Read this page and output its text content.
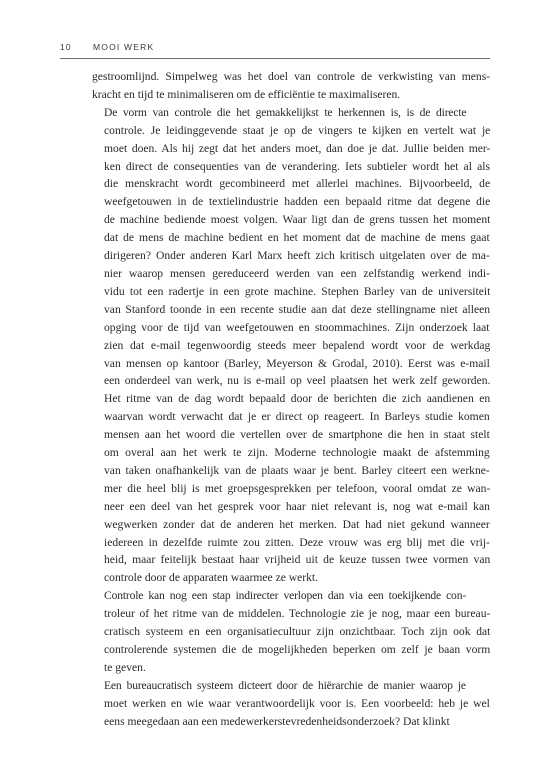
10 MOOI WERK

gestroomlijnd. Simpelweg was het doel van controle de verkwisting van mens-
kracht en tijd te minimaliseren om de efficiëntie te maximaliseren.

De vorm van controle die het gemakkelijkst te herkennen is, is de directe
controle. Je leidinggevende staat je op de vingers te kijken en vertelt wat je
moet doen. Als hij zegt dat het anders moet, dan doe je dat. Jullie beiden mer-
ken direct de consequenties van de verandering. Iets subtieler wordt het al als
die menskracht wordt gecombineerd met allerlei machines. Bijvoorbeeld, de
weefgetouwen in de textielindustrie hadden een bepaald ritme dat degene die
de machine bediende moest volgen. Waar ligt dan de grens tussen het moment
dat de mens de machine bedient en het moment dat de machine de mens gaat
dirigeren? Onder anderen Karl Marx heeft zich kritisch uitgelaten over de ma-
nier waarop mensen gereduceerd werden van een zelfstandig werkend indi-
vidu tot een radertje in een grote machine. Stephen Barley van de universiteit
van Stanford toonde in een recente studie aan dat deze stellingname niet alleen
opging voor de tijd van weefgetouwen en stoommachines. Zijn onderzoek laat
zien dat e-mail tegenwoordig steeds meer bepalend wordt voor de werkdag
van mensen op kantoor (Barley, Meyerson & Grodal, 2010). Eerst was e-mail
een onderdeel van werk, nu is e-mail op veel plaatsen het werk zelf geworden.
Het ritme van de dag wordt bepaald door de berichten die zich aandienen en
waarvan wordt verwacht dat je er direct op reageert. In Barleys studie komen
mensen aan het woord die vertellen over de smartphone die hen in staat stelt
om overal aan het werk te zijn. Moderne technologie maakt de afstemming
van taken onafhankelijk van de plaats waar je bent. Barley citeert een werkne-
mer die heel blij is met groepsgesprekken per telefoon, vooral omdat ze wan-
neer een deel van het gesprek voor haar niet relevant is, nog wat e-mail kan
wegwerken zonder dat de anderen het merken. Dat had niet gekund wanneer
iedereen in dezelfde ruimte zou zitten. Deze vrouw was erg blij met die vrij-
heid, maar feitelijk bestaat haar vrijheid uit de keuze tussen twee vormen van
controle door de apparaten waarmee ze werkt.

Controle kan nog een stap indirecter verlopen dan via een toekijkende con-
troleur of het ritme van de middelen. Technologie zie je nog, maar een bureau-
cratisch systeem en een organisatiecultuur zijn onzichtbaar. Toch zijn ook dat
controlerende systemen die de mogelijkheden beperken om zelf je baan vorm
te geven.

Een bureaucratisch systeem dicteert door de hiërarchie de manier waarop je
moet werken en wie waar verantwoordelijk voor is. Een voorbeeld: heb je wel
eens meegedaan aan een medewerkerstevredenheidsonderzoek? Dat klinkt
